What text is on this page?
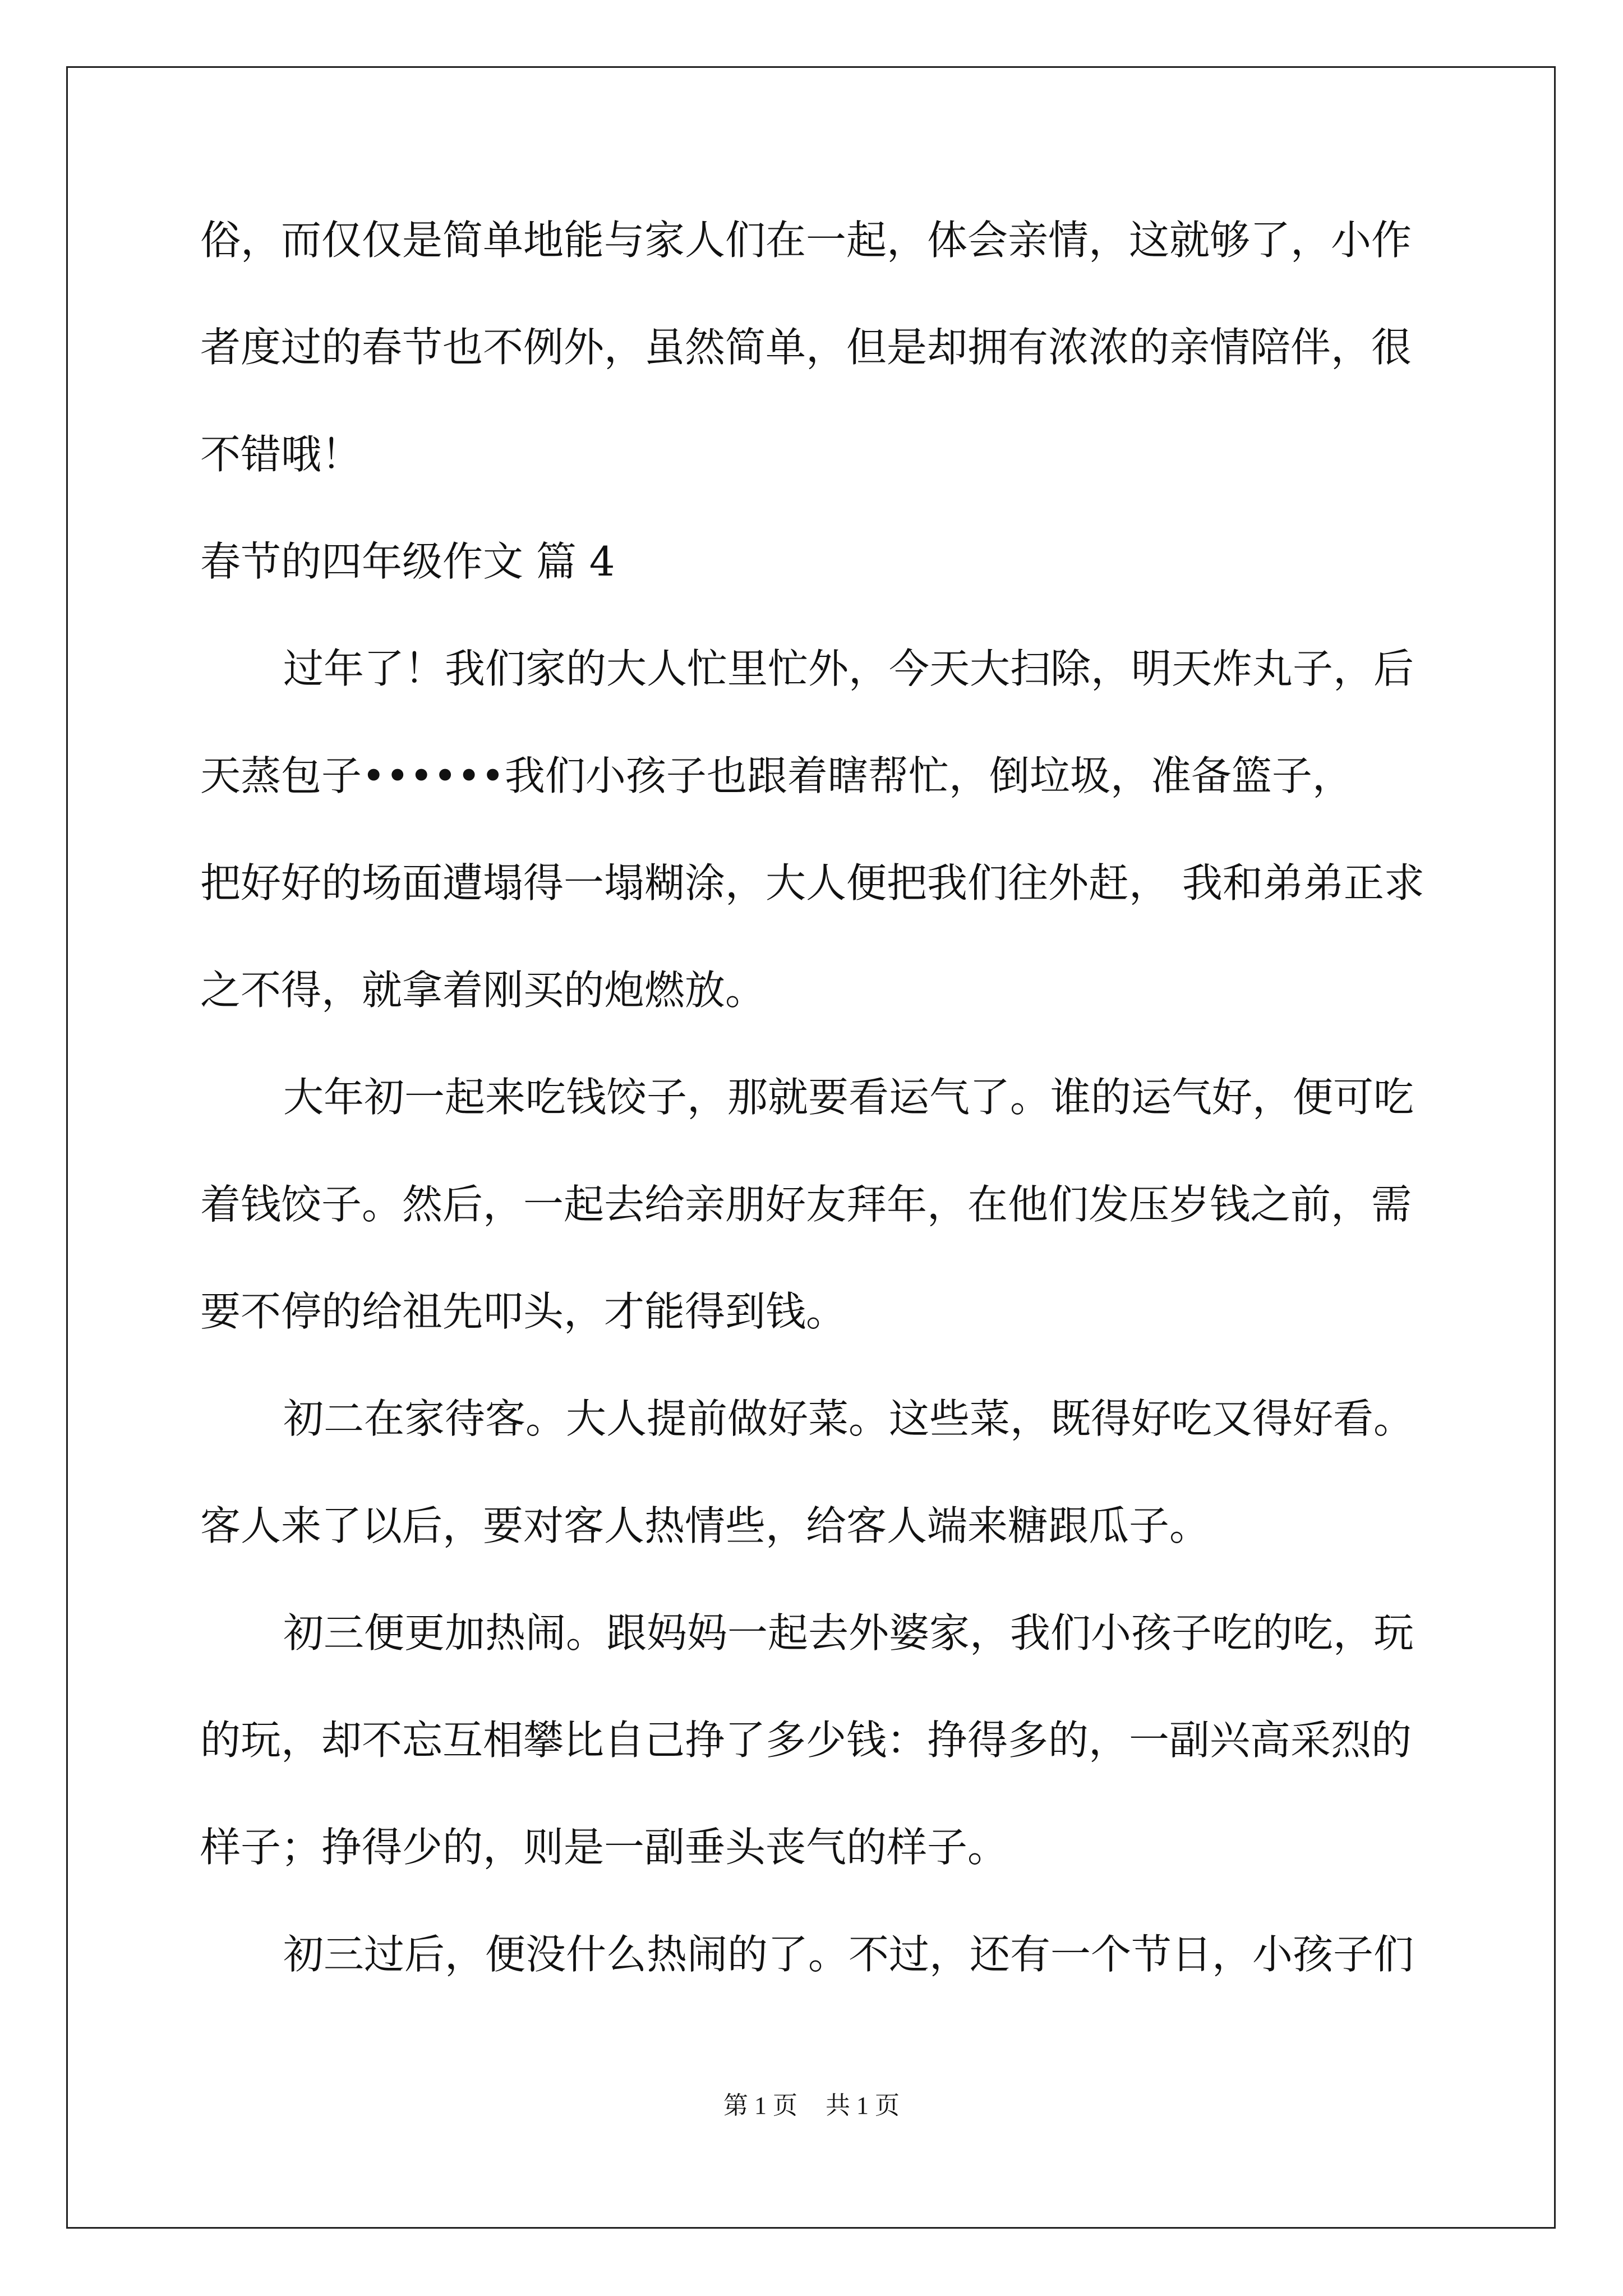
俗，而仅仅是简单地能与家人们在一起，体会亲情，这就够了，小作

者度过的春节也不例外，虽然简单，但是却拥有浓浓的亲情陪伴，很

不错哦！

春节的四年级作文 篇 4

过年了！我们家的大人忙里忙外，今天大扫除，明天炸丸子，后

天蒸包子••••••我们小孩子也跟着瞎帮忙，倒垃圾，准备篮子，

把好好的场面遭塌得一塌糊涂，大人便把我们往外赶， 我和弟弟正求

之不得，就拿着刚买的炮燃放。

大年初一起来吃钱饺子，那就要看运气了。谁的运气好，便可吃

着钱饺子。然后，一起去给亲朋好友拜年，在他们发压岁钱之前，需

要不停的给祖先叩头，才能得到钱。

初二在家待客。大人提前做好菜。这些菜，既得好吃又得好看。

客人来了以后，要对客人热情些，给客人端来糖跟瓜子。

初三便更加热闹。跟妈妈一起去外婆家，我们小孩子吃的吃，玩

的玩，却不忘互相攀比自己挣了多少钱：挣得多的，一副兴高采烈的

样子；挣得少的，则是一副垂头丧气的样子。

初三过后，便没什么热闹的了。不过，还有一个节日，小孩子们

第 1 页 共 1 页
